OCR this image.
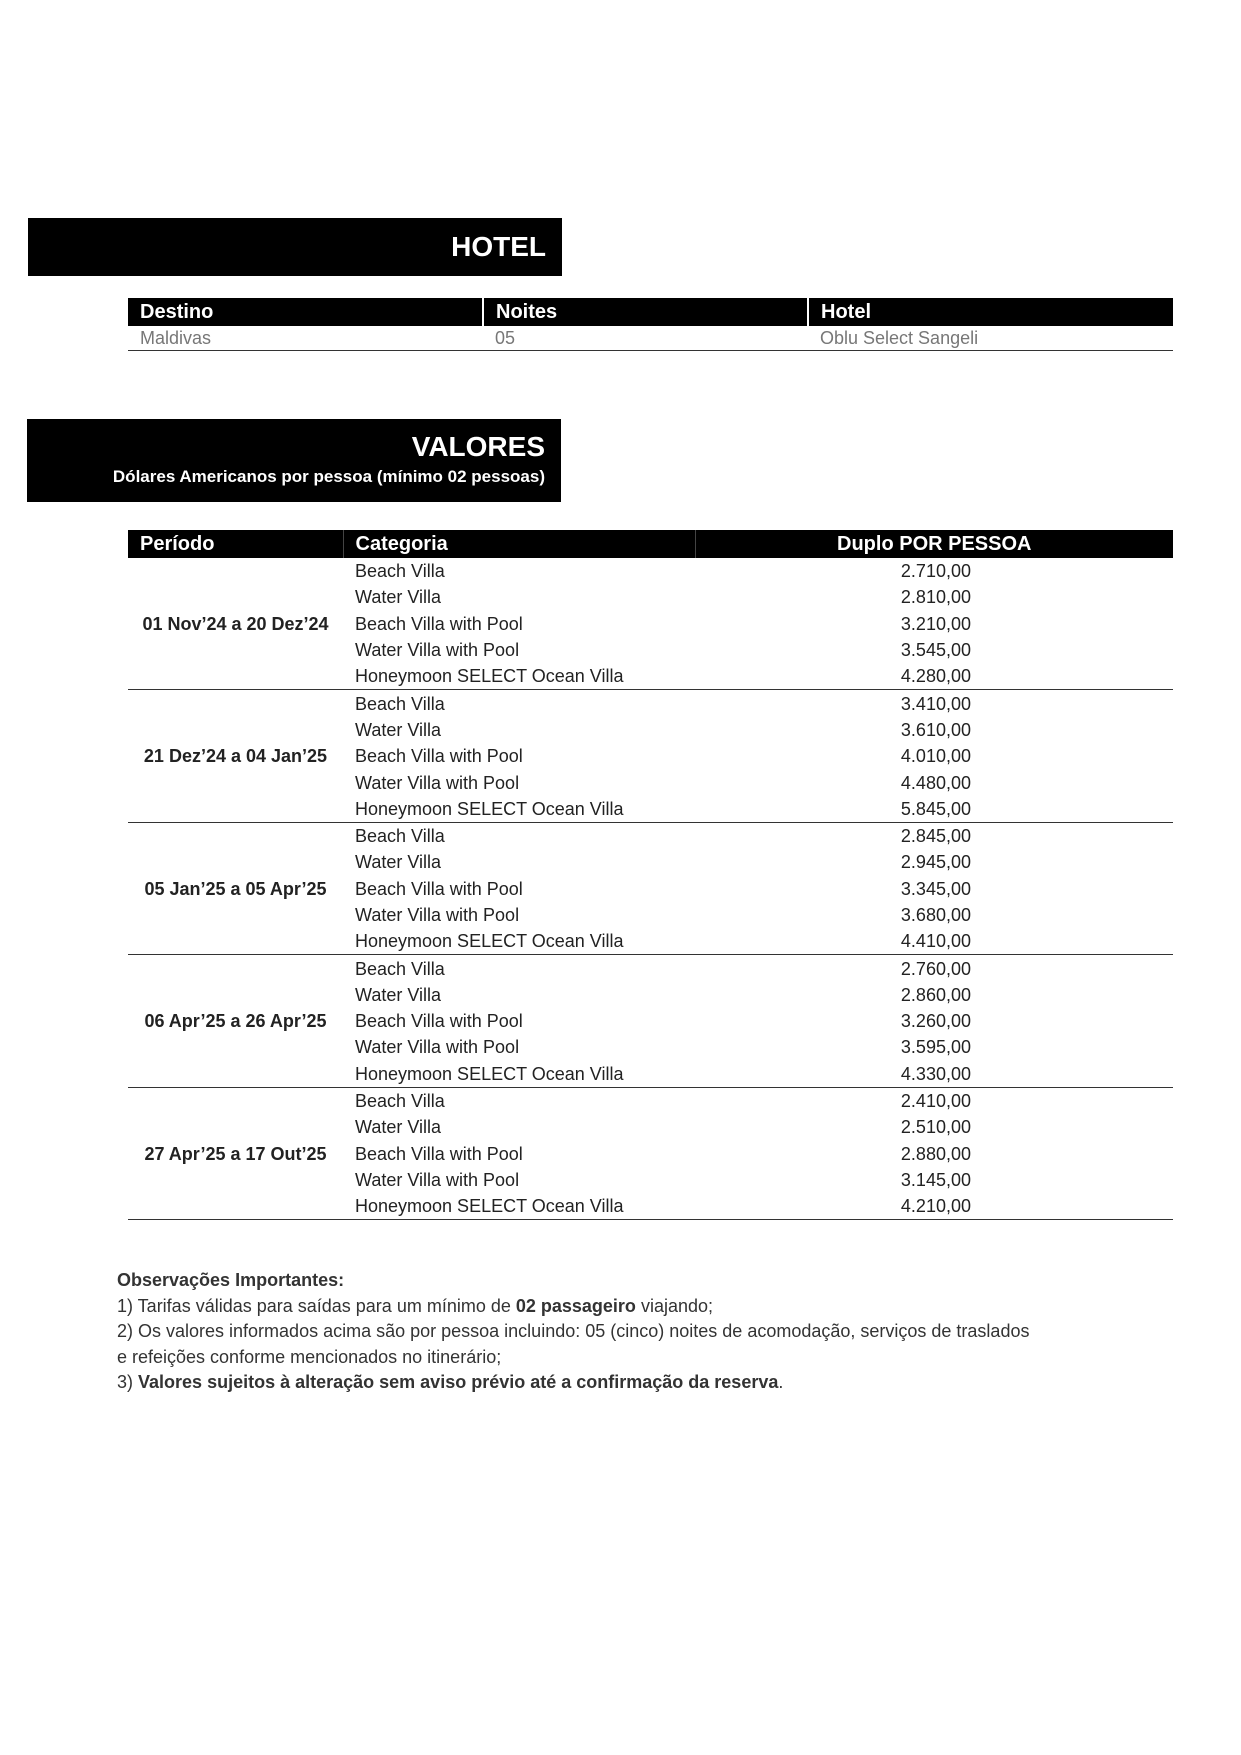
HOTEL
Destino	Noites	Hotel
Maldivas	05	Oblu Select Sangeli
VALORES
Dólares Americanos por pessoa (mínimo 02 pessoas)
Período	Categoria	Duplo POR PESSOA
01 Nov’24 a 20 Dez’24	Beach Villa	2.710,00
	Water Villa	2.810,00
	Beach Villa with Pool	3.210,00
	Water Villa with Pool	3.545,00
	Honeymoon SELECT Ocean Villa	4.280,00
21 Dez’24 a 04 Jan’25	Beach Villa	3.410,00
	Water Villa	3.610,00
	Beach Villa with Pool	4.010,00
	Water Villa with Pool	4.480,00
	Honeymoon SELECT Ocean Villa	5.845,00
05 Jan’25 a 05 Apr’25	Beach Villa	2.845,00
	Water Villa	2.945,00
	Beach Villa with Pool	3.345,00
	Water Villa with Pool	3.680,00
	Honeymoon SELECT Ocean Villa	4.410,00
06 Apr’25 a 26 Apr’25	Beach Villa	2.760,00
	Water Villa	2.860,00
	Beach Villa with Pool	3.260,00
	Water Villa with Pool	3.595,00
	Honeymoon SELECT Ocean Villa	4.330,00
27 Apr’25 a 17 Out’25	Beach Villa	2.410,00
	Water Villa	2.510,00
	Beach Villa with Pool	2.880,00
	Water Villa with Pool	3.145,00
	Honeymoon SELECT Ocean Villa	4.210,00
Observações Importantes:
1) Tarifas válidas para saídas para um mínimo de 02 passageiro viajando;
2) Os valores informados acima são por pessoa incluindo: 05 (cinco) noites de acomodação, serviços de traslados
e refeições conforme mencionados no itinerário;
3) Valores sujeitos à alteração sem aviso prévio até a confirmação da reserva.
